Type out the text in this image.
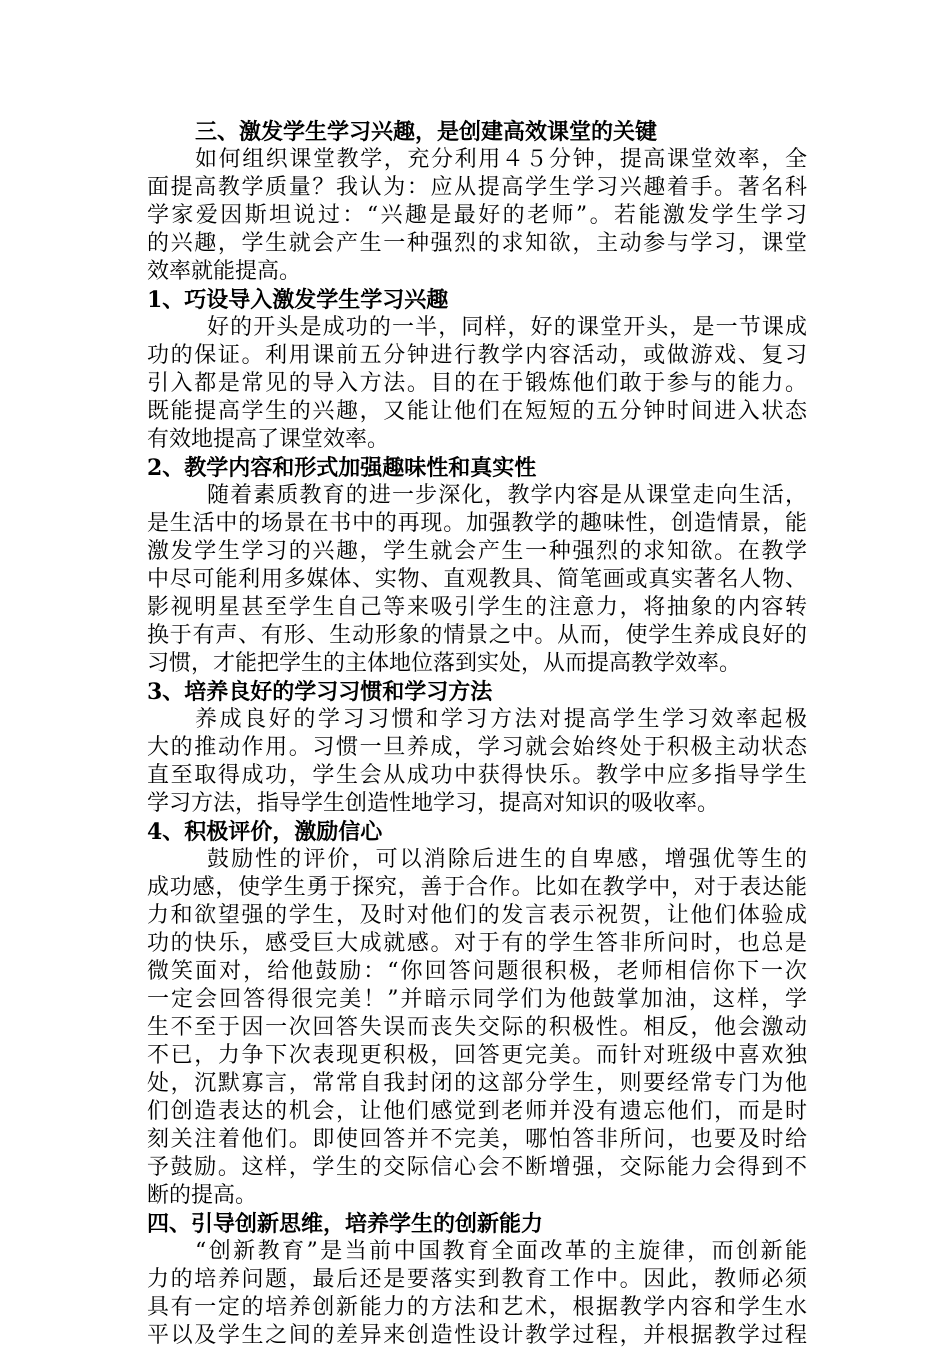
三、激发学生学习兴趣，是创建高效课堂的关键
如何组织课堂教学，充分利用４５分钟，提高课堂效率，全
面提高教学质量？我认为：应从提高学生学习兴趣着手。著名科
学家爱因斯坦说过：“兴趣是最好的老师”。若能激发学生学习
的兴趣，学生就会产生一种强烈的求知欲，主动参与学习，课堂
效率就能提高。
1、巧设导入激发学生学习兴趣
好的开头是成功的一半，同样，好的课堂开头，是一节课成
功的保证。利用课前五分钟进行教学内容活动，或做游戏、复习
引入都是常见的导入方法。目的在于锻炼他们敢于参与的能力。
既能提高学生的兴趣，又能让他们在短短的五分钟时间进入状态
有效地提高了课堂效率。
2、教学内容和形式加强趣味性和真实性
随着素质教育的进一步深化，教学内容是从课堂走向生活，
是生活中的场景在书中的再现。加强教学的趣味性，创造情景，能
激发学生学习的兴趣，学生就会产生一种强烈的求知欲。在教学
中尽可能利用多媒体、实物、直观教具、简笔画或真实著名人物、
影视明星甚至学生自己等来吸引学生的注意力，将抽象的内容转
换于有声、有形、生动形象的情景之中。从而，使学生养成良好的
习惯，才能把学生的主体地位落到实处，从而提高教学效率。
3、培养良好的学习习惯和学习方法
养成良好的学习习惯和学习方法对提高学生学习效率起极
大的推动作用。习惯一旦养成，学习就会始终处于积极主动状态
直至取得成功，学生会从成功中获得快乐。教学中应多指导学生
学习方法，指导学生创造性地学习，提高对知识的吸收率。
4、积极评价，激励信心
鼓励性的评价，可以消除后进生的自卑感，增强优等生的
成功感，使学生勇于探究，善于合作。比如在教学中，对于表达能
力和欲望强的学生，及时对他们的发言表示祝贺，让他们体验成
功的快乐，感受巨大成就感。对于有的学生答非所问时，也总是
微笑面对，给他鼓励：“你回答问题很积极，老师相信你下一次
一定会回答得很完美！”并暗示同学们为他鼓掌加油，这样，学
生不至于因一次回答失误而丧失交际的积极性。相反，他会激动
不已，力争下次表现更积极，回答更完美。而针对班级中喜欢独
处，沉默寡言，常常自我封闭的这部分学生，则要经常专门为他
们创造表达的机会，让他们感觉到老师并没有遗忘他们，而是时
刻关注着他们。即使回答并不完美，哪怕答非所问，也要及时给
予鼓励。这样，学生的交际信心会不断增强，交际能力会得到不
断的提高。
四、引导创新思维，培养学生的创新能力
“创新教育”是当前中国教育全面改革的主旋律，而创新能
力的培养问题，最后还是要落实到教育工作中。因此，教师必须
具有一定的培养创新能力的方法和艺术，根据教学内容和学生水
平以及学生之间的差异来创造性设计教学过程，并根据教学过程
